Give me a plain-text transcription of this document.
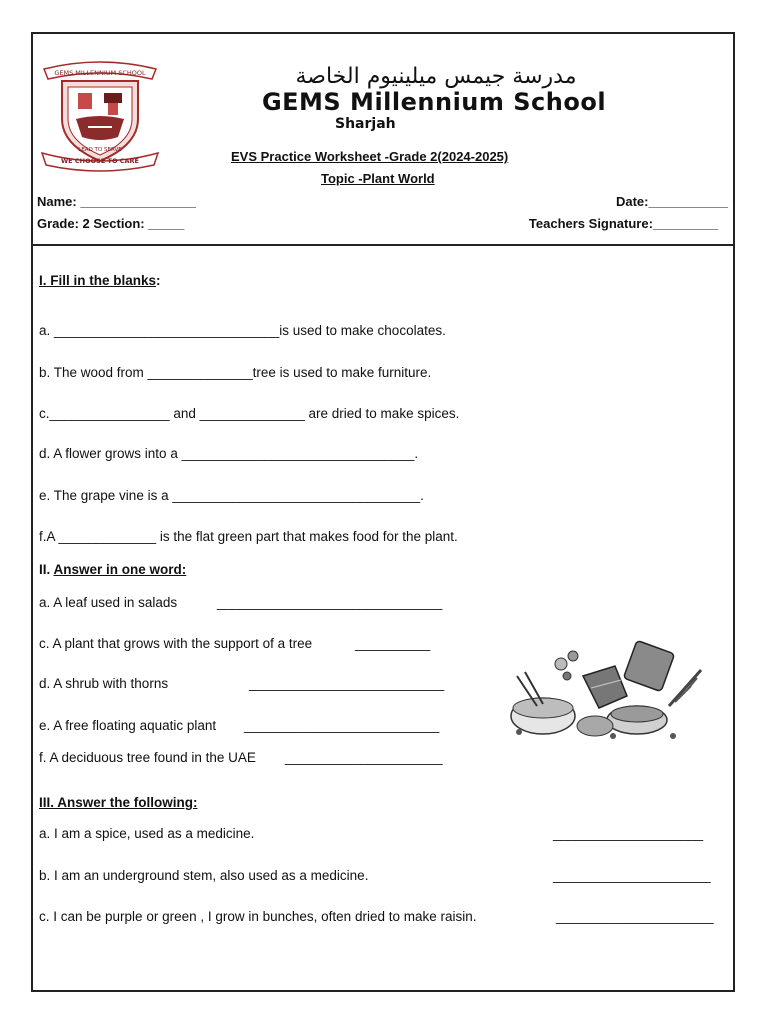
GEMS MILLENNIUM SCHOOL
LEAD TO SERVE
WE CHOOSE TO CARE
مدرسة جيمس ميلينيوم الخاصة
GEMS Millennium School
Sharjah
EVS Practice Worksheet -Grade 2(2024-2025)
Topic -Plant World
Name: ________________	Date:___________
Grade: 2 Section: _____	Teachers Signature:_________
I. Fill in the blanks:
a. ______________________________is used to make chocolates.
b. The wood from ______________tree is used to make furniture.
c.________________ and ______________ are dried to make spices.
d. A flower grows into a _______________________________.
e. The grape vine is a _________________________________.
f.A _____________ is the flat green part that makes food for the plant.
II. Answer in one word:
a. A leaf used in salads	______________________________
c. A plant that grows with the support of a tree	__________
d. A shrub with thorns	__________________________
e. A free floating aquatic plant __________________________
f. A deciduous tree found in the UAE _____________________
III. Answer the following:
a. I am a spice, used as a medicine.	____________________
b. I am an underground stem, also used as a medicine.	_____________________
c. I can be purple or green , I grow in bunches, often dried to make raisin.	_____________________
